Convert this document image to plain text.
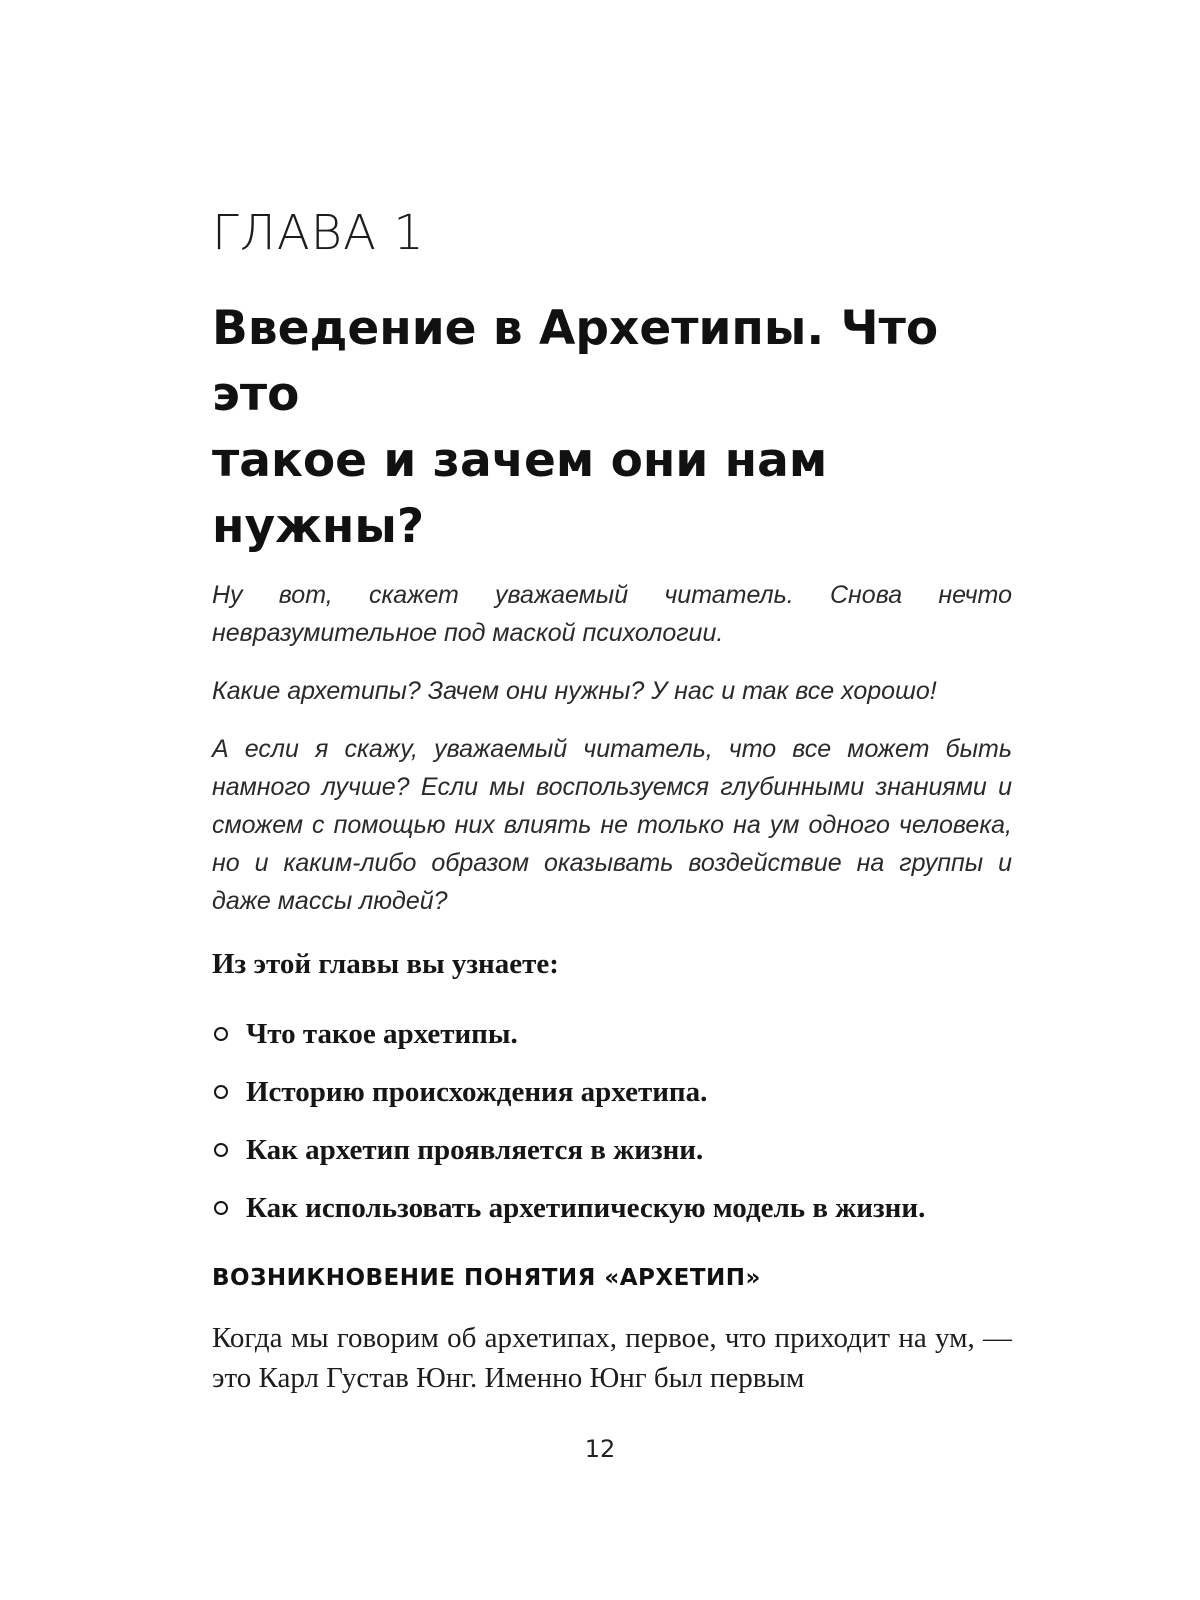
ГЛАВА 1
Введение в Архетипы. Что это
такое и зачем они нам нужны?

Ну вот, скажет уважаемый читатель. Снова нечто невразумительное под маской психологии.

Какие архетипы? Зачем они нужны? У нас и так все хорошо!

А если я скажу, уважаемый читатель, что все может быть намного лучше? Если мы воспользуемся глубинными знаниями и сможем с помощью них влиять не только на ум одного человека, но и каким-либо образом оказывать воздействие на группы и даже массы людей?

Из этой главы вы узнаете:
Что такое архетипы.
Историю происхождения архетипа.
Как архетип проявляется в жизни.
Как использовать архетипическую модель в жизни.
ВОЗНИКНОВЕНИЕ ПОНЯТИЯ «АРХЕТИП»

Когда мы говорим об архетипах, первое, что приходит на ум, — это Карл Густав Юнг. Именно Юнг был первым

12
